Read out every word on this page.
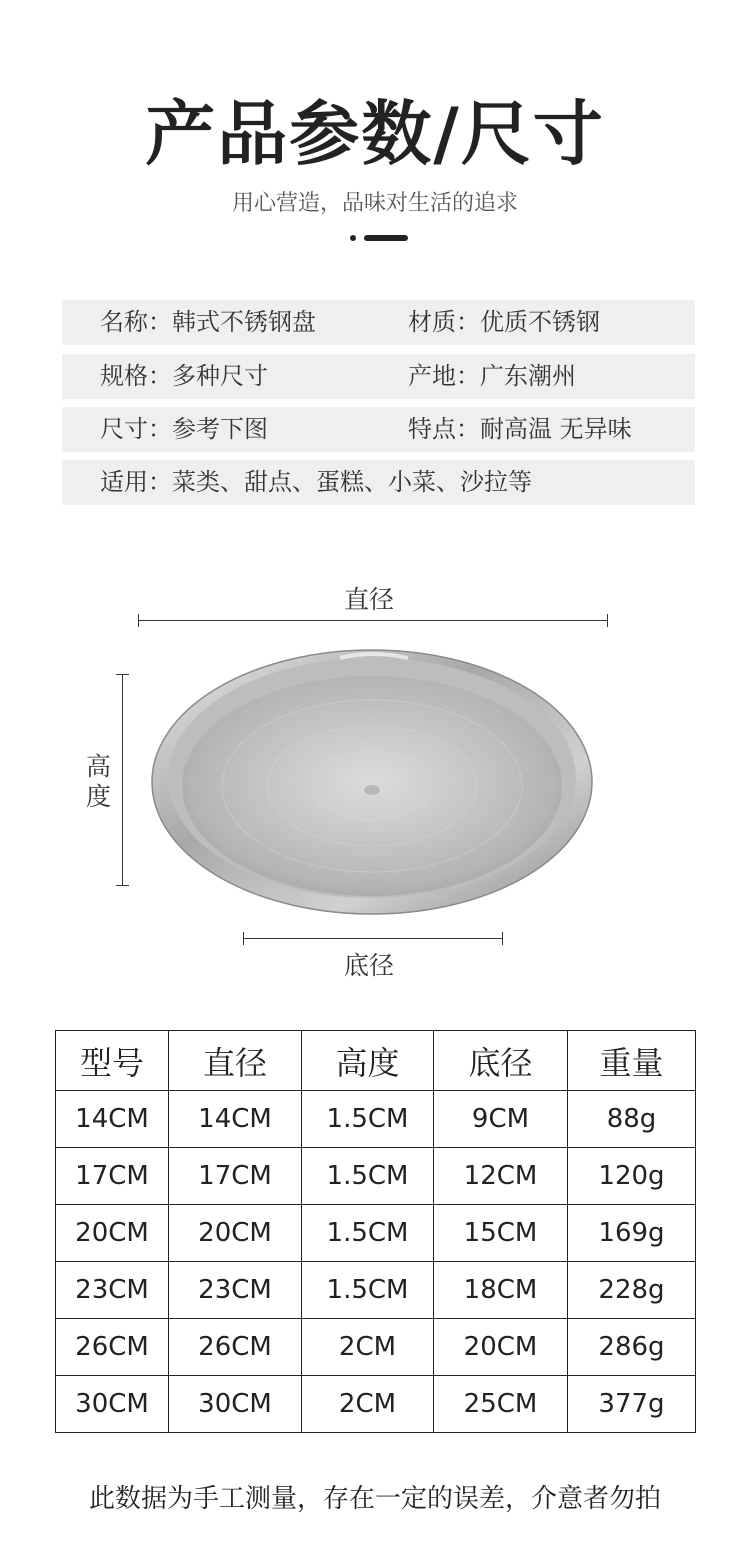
产品参数/尺寸
用心营造，品味对生活的追求
名称：韩式不锈钢盘	材质：优质不锈钢
规格：多种尺寸	产地：广东潮州
尺寸：参考下图	特点：耐高温 无异味
适用：菜类、甜点、蛋糕、小菜、沙拉等
直径
高度
底径
型号	直径	高度	底径	重量
14CM	14CM	1.5CM	9CM	88g
17CM	17CM	1.5CM	12CM	120g
20CM	20CM	1.5CM	15CM	169g
23CM	23CM	1.5CM	18CM	228g
26CM	26CM	2CM	20CM	286g
30CM	30CM	2CM	25CM	377g
此数据为手工测量，存在一定的误差，介意者勿拍
